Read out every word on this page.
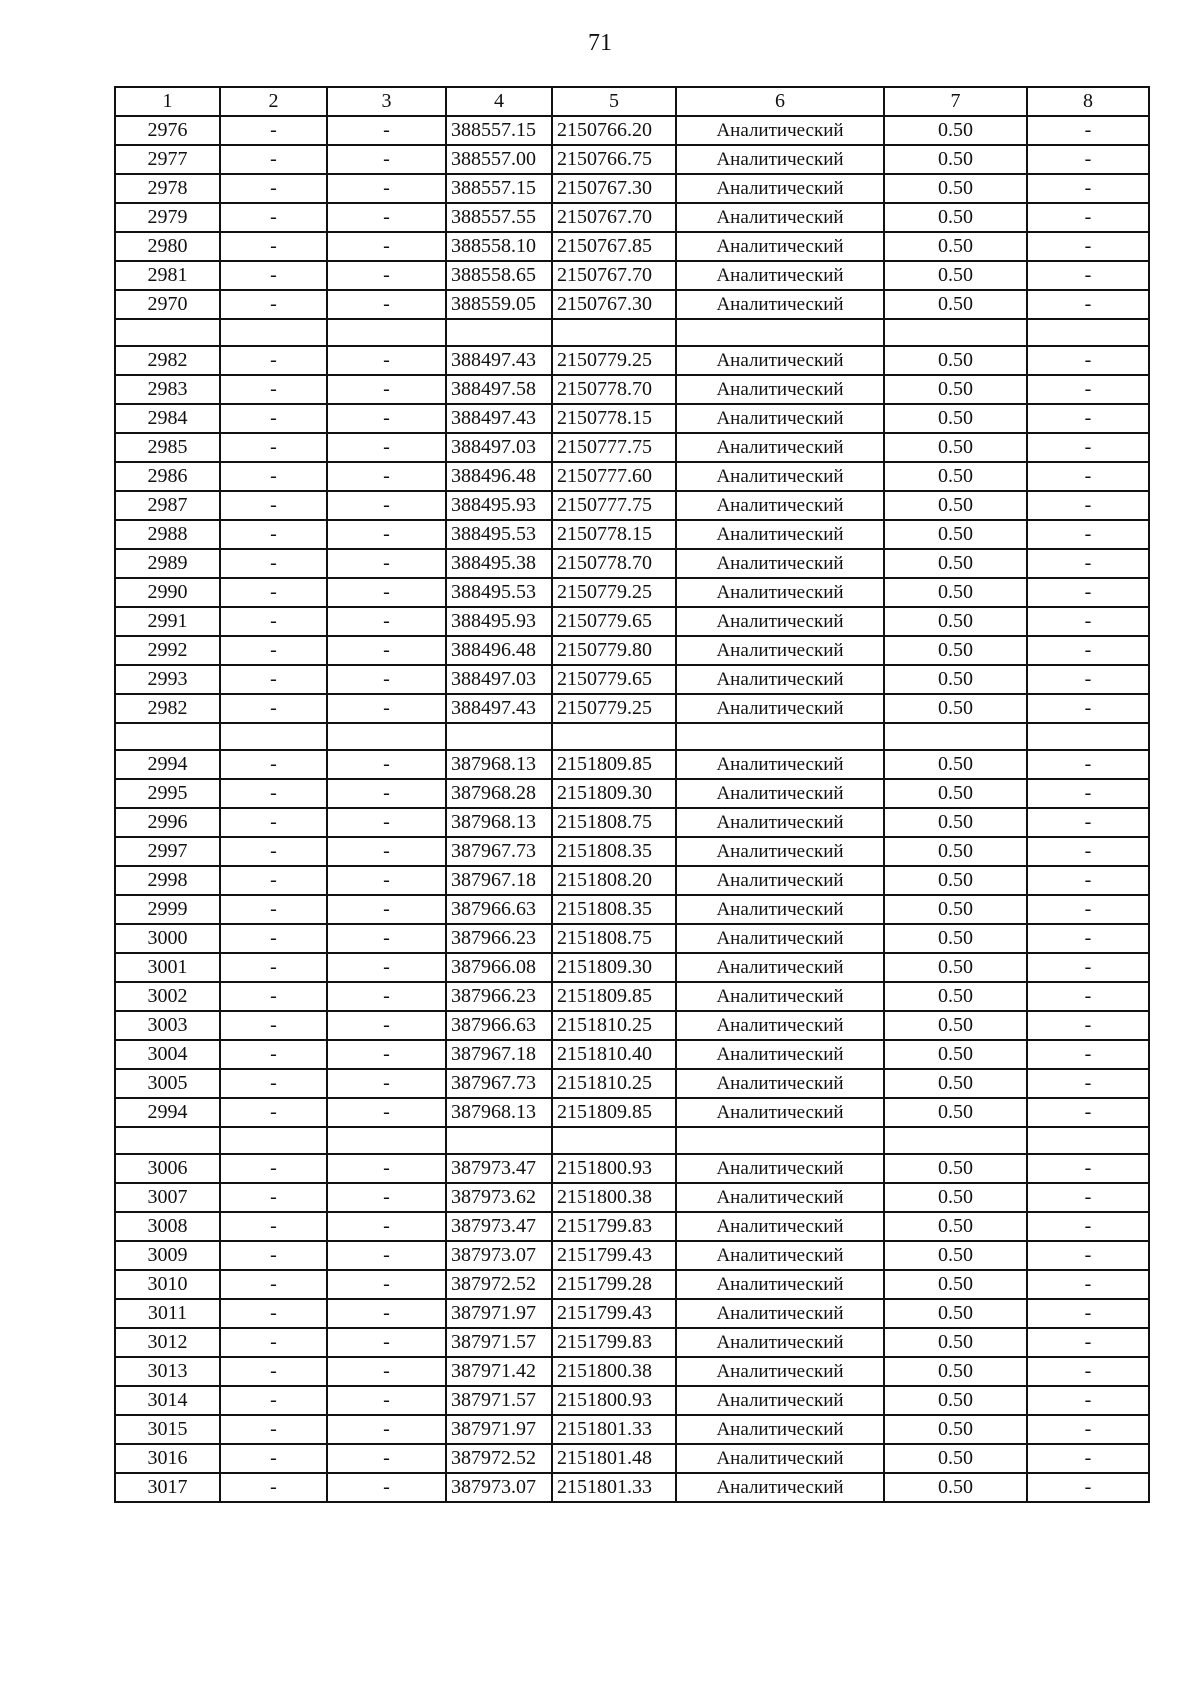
71
1	2	3	4	5	6	7	8
2976	-	-	388557.15	2150766.20	Аналитический	0.50	-
2977	-	-	388557.00	2150766.75	Аналитический	0.50	-
2978	-	-	388557.15	2150767.30	Аналитический	0.50	-
2979	-	-	388557.55	2150767.70	Аналитический	0.50	-
2980	-	-	388558.10	2150767.85	Аналитический	0.50	-
2981	-	-	388558.65	2150767.70	Аналитический	0.50	-
2970	-	-	388559.05	2150767.30	Аналитический	0.50	-

2982	-	-	388497.43	2150779.25	Аналитический	0.50	-
2983	-	-	388497.58	2150778.70	Аналитический	0.50	-
2984	-	-	388497.43	2150778.15	Аналитический	0.50	-
2985	-	-	388497.03	2150777.75	Аналитический	0.50	-
2986	-	-	388496.48	2150777.60	Аналитический	0.50	-
2987	-	-	388495.93	2150777.75	Аналитический	0.50	-
2988	-	-	388495.53	2150778.15	Аналитический	0.50	-
2989	-	-	388495.38	2150778.70	Аналитический	0.50	-
2990	-	-	388495.53	2150779.25	Аналитический	0.50	-
2991	-	-	388495.93	2150779.65	Аналитический	0.50	-
2992	-	-	388496.48	2150779.80	Аналитический	0.50	-
2993	-	-	388497.03	2150779.65	Аналитический	0.50	-
2982	-	-	388497.43	2150779.25	Аналитический	0.50	-

2994	-	-	387968.13	2151809.85	Аналитический	0.50	-
2995	-	-	387968.28	2151809.30	Аналитический	0.50	-
2996	-	-	387968.13	2151808.75	Аналитический	0.50	-
2997	-	-	387967.73	2151808.35	Аналитический	0.50	-
2998	-	-	387967.18	2151808.20	Аналитический	0.50	-
2999	-	-	387966.63	2151808.35	Аналитический	0.50	-
3000	-	-	387966.23	2151808.75	Аналитический	0.50	-
3001	-	-	387966.08	2151809.30	Аналитический	0.50	-
3002	-	-	387966.23	2151809.85	Аналитический	0.50	-
3003	-	-	387966.63	2151810.25	Аналитический	0.50	-
3004	-	-	387967.18	2151810.40	Аналитический	0.50	-
3005	-	-	387967.73	2151810.25	Аналитический	0.50	-
2994	-	-	387968.13	2151809.85	Аналитический	0.50	-

3006	-	-	387973.47	2151800.93	Аналитический	0.50	-
3007	-	-	387973.62	2151800.38	Аналитический	0.50	-
3008	-	-	387973.47	2151799.83	Аналитический	0.50	-
3009	-	-	387973.07	2151799.43	Аналитический	0.50	-
3010	-	-	387972.52	2151799.28	Аналитический	0.50	-
3011	-	-	387971.97	2151799.43	Аналитический	0.50	-
3012	-	-	387971.57	2151799.83	Аналитический	0.50	-
3013	-	-	387971.42	2151800.38	Аналитический	0.50	-
3014	-	-	387971.57	2151800.93	Аналитический	0.50	-
3015	-	-	387971.97	2151801.33	Аналитический	0.50	-
3016	-	-	387972.52	2151801.48	Аналитический	0.50	-
3017	-	-	387973.07	2151801.33	Аналитический	0.50	-
